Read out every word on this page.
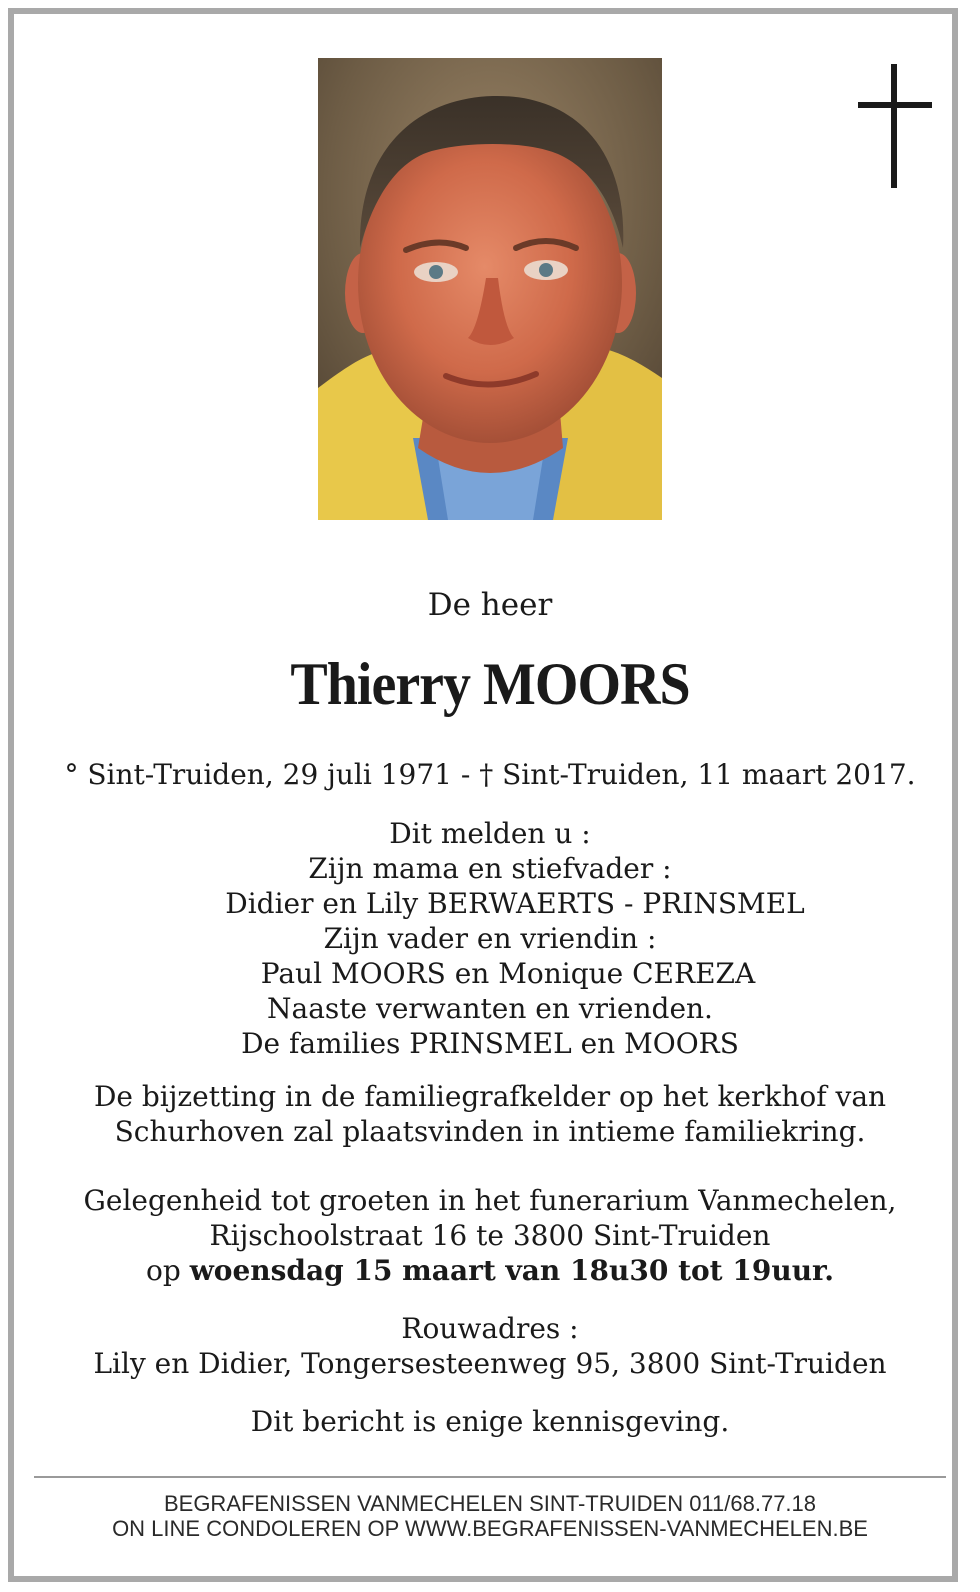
De heer
Thierry MOORS
° Sint-Truiden, 29 juli 1971 - † Sint-Truiden, 11 maart 2017.
Dit melden u :
Zijn mama en stiefvader :
Didier en Lily BERWAERTS - PRINSMEL
Zijn vader en vriendin :
Paul MOORS en Monique CEREZA
Naaste verwanten en vrienden.
De families PRINSMEL en MOORS
De bijzetting in de familiegrafkelder op het kerkhof van
Schurhoven zal plaatsvinden in intieme familiekring.
Gelegenheid tot groeten in het funerarium Vanmechelen,
Rijschoolstraat 16 te 3800 Sint-Truiden
op woensdag 15 maart van 18u30 tot 19uur.
Rouwadres :
Lily en Didier, Tongersesteenweg 95, 3800 Sint-Truiden
Dit bericht is enige kennisgeving.
BEGRAFENISSEN VANMECHELEN SINT-TRUIDEN 011/68.77.18
ON LINE CONDOLEREN OP WWW.BEGRAFENISSEN-VANMECHELEN.BE
